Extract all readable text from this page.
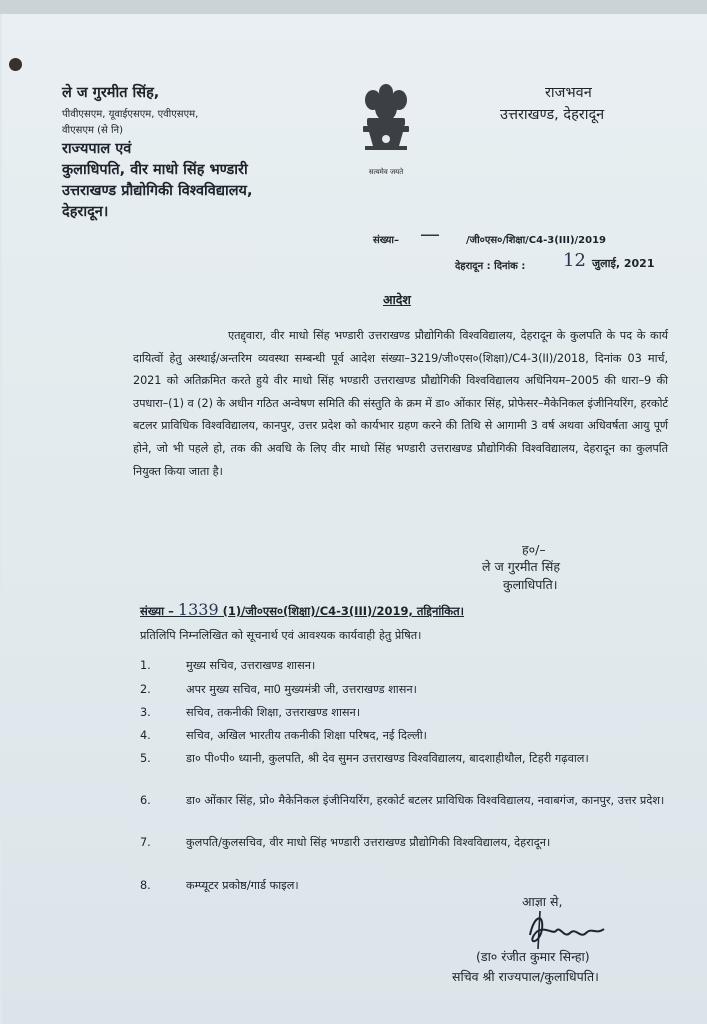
ले ज गुरमीत सिंह,
पीवीएसएम, यूवाईएसएम, एवीएसएम,
वीएसएम (से नि)
राज्यपाल एवं
कुलाधिपति, वीर माधो सिंह भण्डारी
उत्तराखण्ड प्रौद्योगिकी विश्वविद्यालय,
देहरादून।
सत्यमेव जयते
राजभवन
उत्तराखण्ड, देहरादून
संख्या– —	/जी०एस०/शिक्षा/C4-3(III)/2019
देहरादून : दिनांक : 12 जुलाई, 2021
आदेश
एतद्द्वारा, वीर माधो सिंह भण्डारी उत्तराखण्ड प्रौद्योगिकी विश्वविद्यालय, देहरादून के कुलपति के पद के कार्य दायित्वों हेतु अस्थाई/अन्तरिम व्यवस्था सम्बन्धी पूर्व आदेश संख्या–3219/जी०एस०(शिक्षा)/C4-3(II)/2018, दिनांक 03 मार्च, 2021 को अतिक्रमित करते हुये वीर माधो सिंह भण्डारी उत्तराखण्ड प्रौद्योगिकी विश्वविद्यालय अधिनियम–2005 की धारा–9 की उपधारा–(1) व (2) के अधीन गठित अन्वेषण समिति की संस्तुति के क्रम में डा० ओंकार सिंह, प्रोफेसर–मैकेनिकल इंजीनियरिंग, हरकोर्ट बटलर प्राविधिक विश्वविद्यालय, कानपुर, उत्तर प्रदेश को कार्यभार ग्रहण करने की तिथि से आगामी 3 वर्ष अथवा अधिवर्षता आयु पूर्ण होने, जो भी पहले हो, तक की अवधि के लिए वीर माधो सिंह भण्डारी उत्तराखण्ड प्रौद्योगिकी विश्वविद्यालय, देहरादून का कुलपति नियुक्त किया जाता है।
ह०/–
ले ज गुरमीत सिंह
कुलाधिपति।
संख्या – 1339 (1)/जी०एस०(शिक्षा)/C4-3(III)/2019, तद्दिनांकित।
प्रतिलिपि निम्नलिखित को सूचनार्थ एवं आवश्यक कार्यवाही हेतु प्रेषित।
1.	मुख्य सचिव, उत्तराखण्ड शासन।
2.	अपर मुख्य सचिव, मा0 मुख्यमंत्री जी, उत्तराखण्ड शासन।
3.	सचिव, तकनीकी शिक्षा, उत्तराखण्ड शासन।
4.	सचिव, अखिल भारतीय तकनीकी शिक्षा परिषद, नई दिल्ली।
5.	डा० पी०पी० ध्यानी, कुलपति, श्री देव सुमन उत्तराखण्ड विश्वविद्यालय, बादशाहीथौल, टिहरी गढ़वाल।
6.	डा० ओंकार सिंह, प्रो० मैकेनिकल इंजीनियरिंग, हरकोर्ट बटलर प्राविधिक विश्वविद्यालय, नवाबगंज, कानपुर, उत्तर प्रदेश।
7.	कुलपति/कुलसचिव, वीर माधो सिंह भण्डारी उत्तराखण्ड प्रौद्योगिकी विश्वविद्यालय, देहरादून।
8.	कम्प्यूटर प्रकोष्ठ/गार्ड फाइल।
आज्ञा से,
(डा० रंजीत कुमार सिन्हा)
सचिव श्री राज्यपाल/कुलाधिपति।
